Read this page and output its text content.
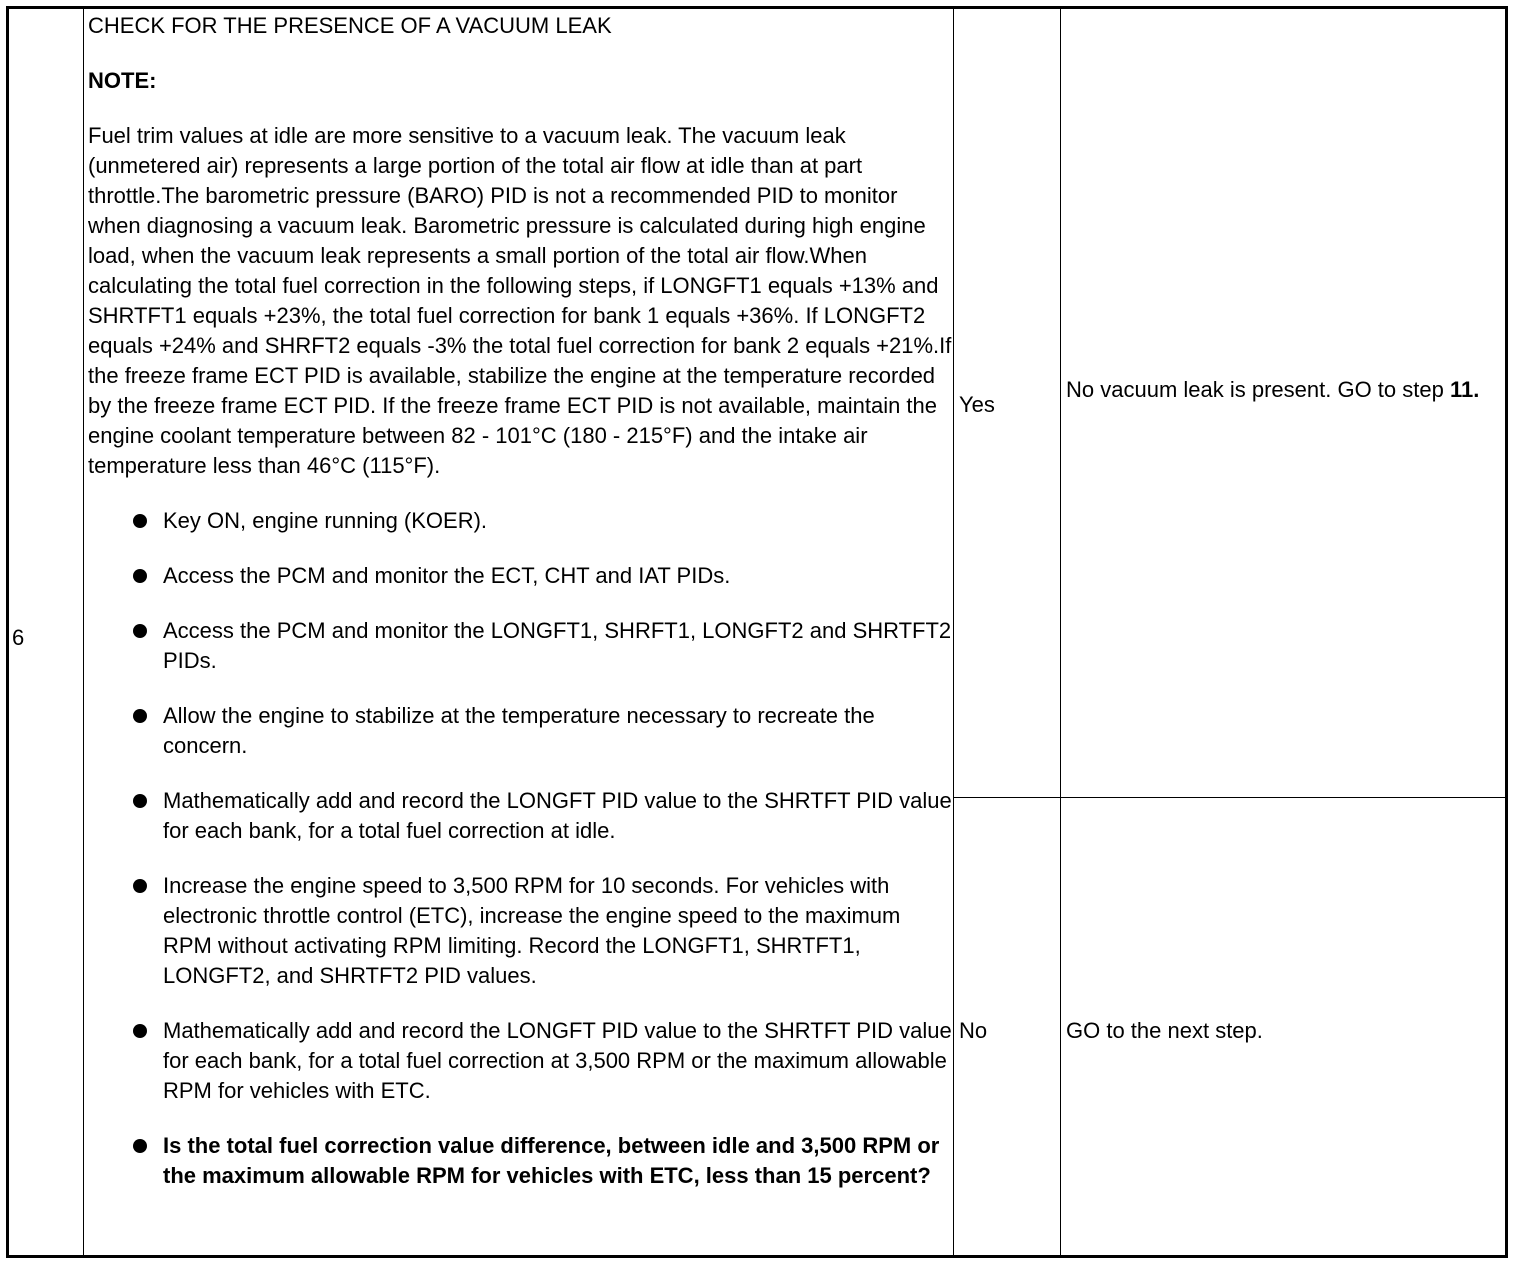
6

CHECK FOR THE PRESENCE OF A VACUUM LEAK

NOTE:

Fuel trim values at idle are more sensitive to a vacuum leak. The vacuum leak (unmetered air) represents a large portion of the total air flow at idle than at part throttle.The barometric pressure (BARO) PID is not a recommended PID to monitor when diagnosing a vacuum leak. Barometric pressure is calculated during high engine load, when the vacuum leak represents a small portion of the total air flow.When calculating the total fuel correction in the following steps, if LONGFT1 equals +13% and SHRTFT1 equals +23%, the total fuel correction for bank 1 equals +36%. If LONGFT2 equals +24% and SHRFT2 equals -3% the total fuel correction for bank 2 equals +21%.If the freeze frame ECT PID is available, stabilize the engine at the temperature recorded by the freeze frame ECT PID. If the freeze frame ECT PID is not available, maintain the engine coolant temperature between 82 - 101°C (180 - 215°F) and the intake air temperature less than 46°C (115°F).

Key ON, engine running (KOER).
Access the PCM and monitor the ECT, CHT and IAT PIDs.
Access the PCM and monitor the LONGFT1, SHRFT1, LONGFT2 and SHRTFT2 PIDs.
Allow the engine to stabilize at the temperature necessary to recreate the concern.
Mathematically add and record the LONGFT PID value to the SHRTFT PID value for each bank, for a total fuel correction at idle.
Increase the engine speed to 3,500 RPM for 10 seconds. For vehicles with electronic throttle control (ETC), increase the engine speed to the maximum RPM without activating RPM limiting. Record the LONGFT1, SHRTFT1, LONGFT2, and SHRTFT2 PID values.
Mathematically add and record the LONGFT PID value to the SHRTFT PID value for each bank, for a total fuel correction at 3,500 RPM or the maximum allowable RPM for vehicles with ETC.
Is the total fuel correction value difference, between idle and 3,500 RPM or the maximum allowable RPM for vehicles with ETC, less than 15 percent?
Yes
No vacuum leak is present. GO to step 11.
No	GO to the next step.
